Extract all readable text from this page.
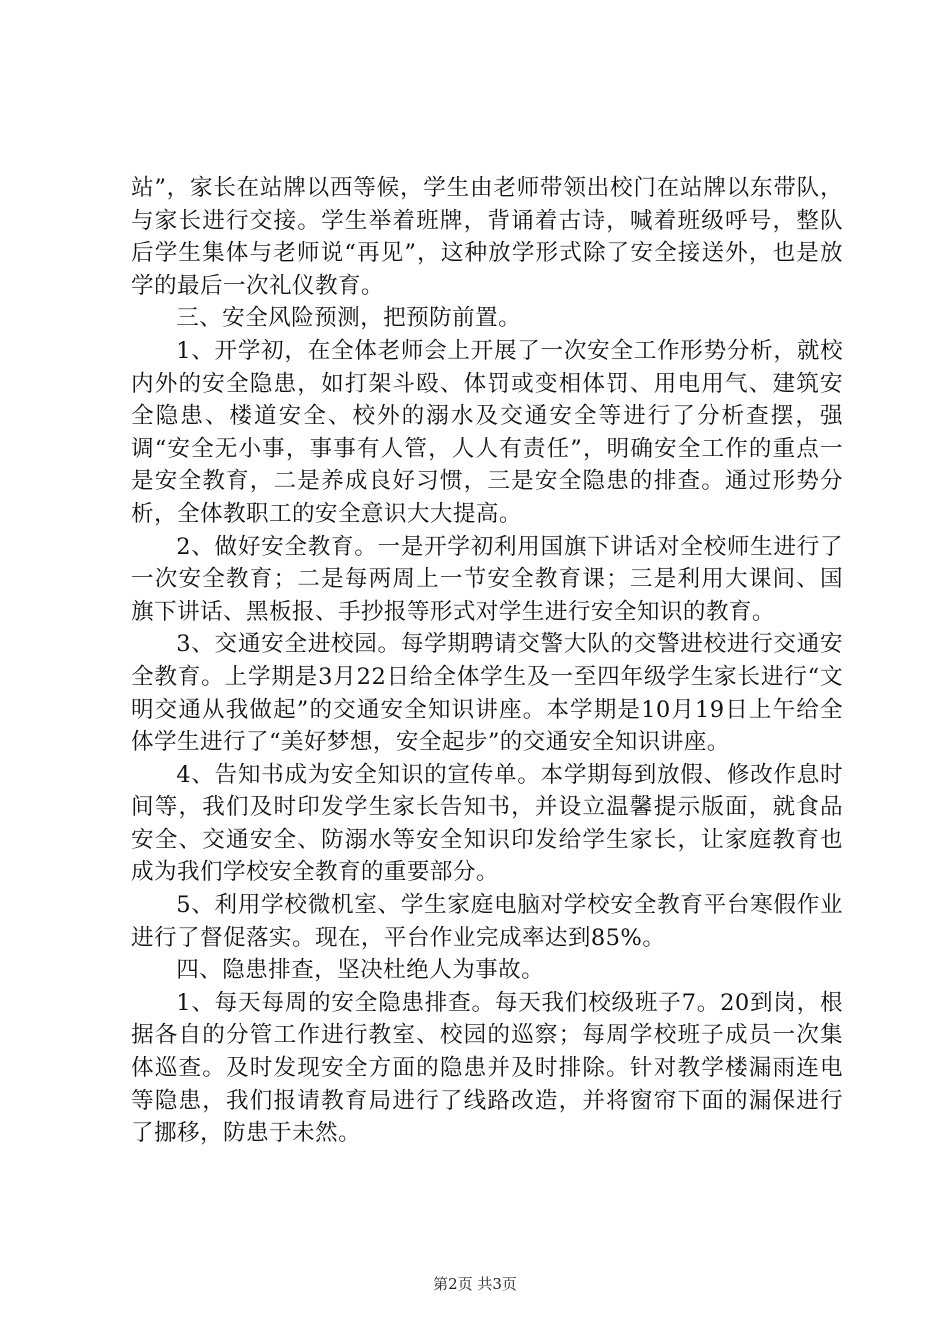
站”，家长在站牌以西等候，学生由老师带领出校门在站牌以东带队，与家长进行交接。学生举着班牌，背诵着古诗，喊着班级呼号，整队后学生集体与老师说“再见”，这种放学形式除了安全接送外，也是放学的最后一次礼仪教育。

三、安全风险预测，把预防前置。

1、开学初，在全体老师会上开展了一次安全工作形势分析，就校内外的安全隐患，如打架斗殴、体罚或变相体罚、用电用气、建筑安全隐患、楼道安全、校外的溺水及交通安全等进行了分析查摆，强调“安全无小事，事事有人管，人人有责任”，明确安全工作的重点一是安全教育，二是养成良好习惯，三是安全隐患的排查。通过形势分析，全体教职工的安全意识大大提高。

2、做好安全教育。一是开学初利用国旗下讲话对全校师生进行了一次安全教育；二是每两周上一节安全教育课；三是利用大课间、国旗下讲话、黑板报、手抄报等形式对学生进行安全知识的教育。

3、交通安全进校园。每学期聘请交警大队的交警进校进行交通安全教育。上学期是3月22日给全体学生及一至四年级学生家长进行“文明交通从我做起”的交通安全知识讲座。本学期是10月19日上午给全体学生进行了“美好梦想，安全起步”的交通安全知识讲座。

4、告知书成为安全知识的宣传单。本学期每到放假、修改作息时间等，我们及时印发学生家长告知书，并设立温馨提示版面，就食品安全、交通安全、防溺水等安全知识印发给学生家长，让家庭教育也成为我们学校安全教育的重要部分。

5、利用学校微机室、学生家庭电脑对学校安全教育平台寒假作业进行了督促落实。现在，平台作业完成率达到85%。

四、隐患排查，坚决杜绝人为事故。

1、每天每周的安全隐患排查。每天我们校级班子7。20到岗，根据各自的分管工作进行教室、校园的巡察；每周学校班子成员一次集体巡查。及时发现安全方面的隐患并及时排除。针对教学楼漏雨连电等隐患，我们报请教育局进行了线路改造，并将窗帘下面的漏保进行了挪移，防患于未然。

第2页 共3页
